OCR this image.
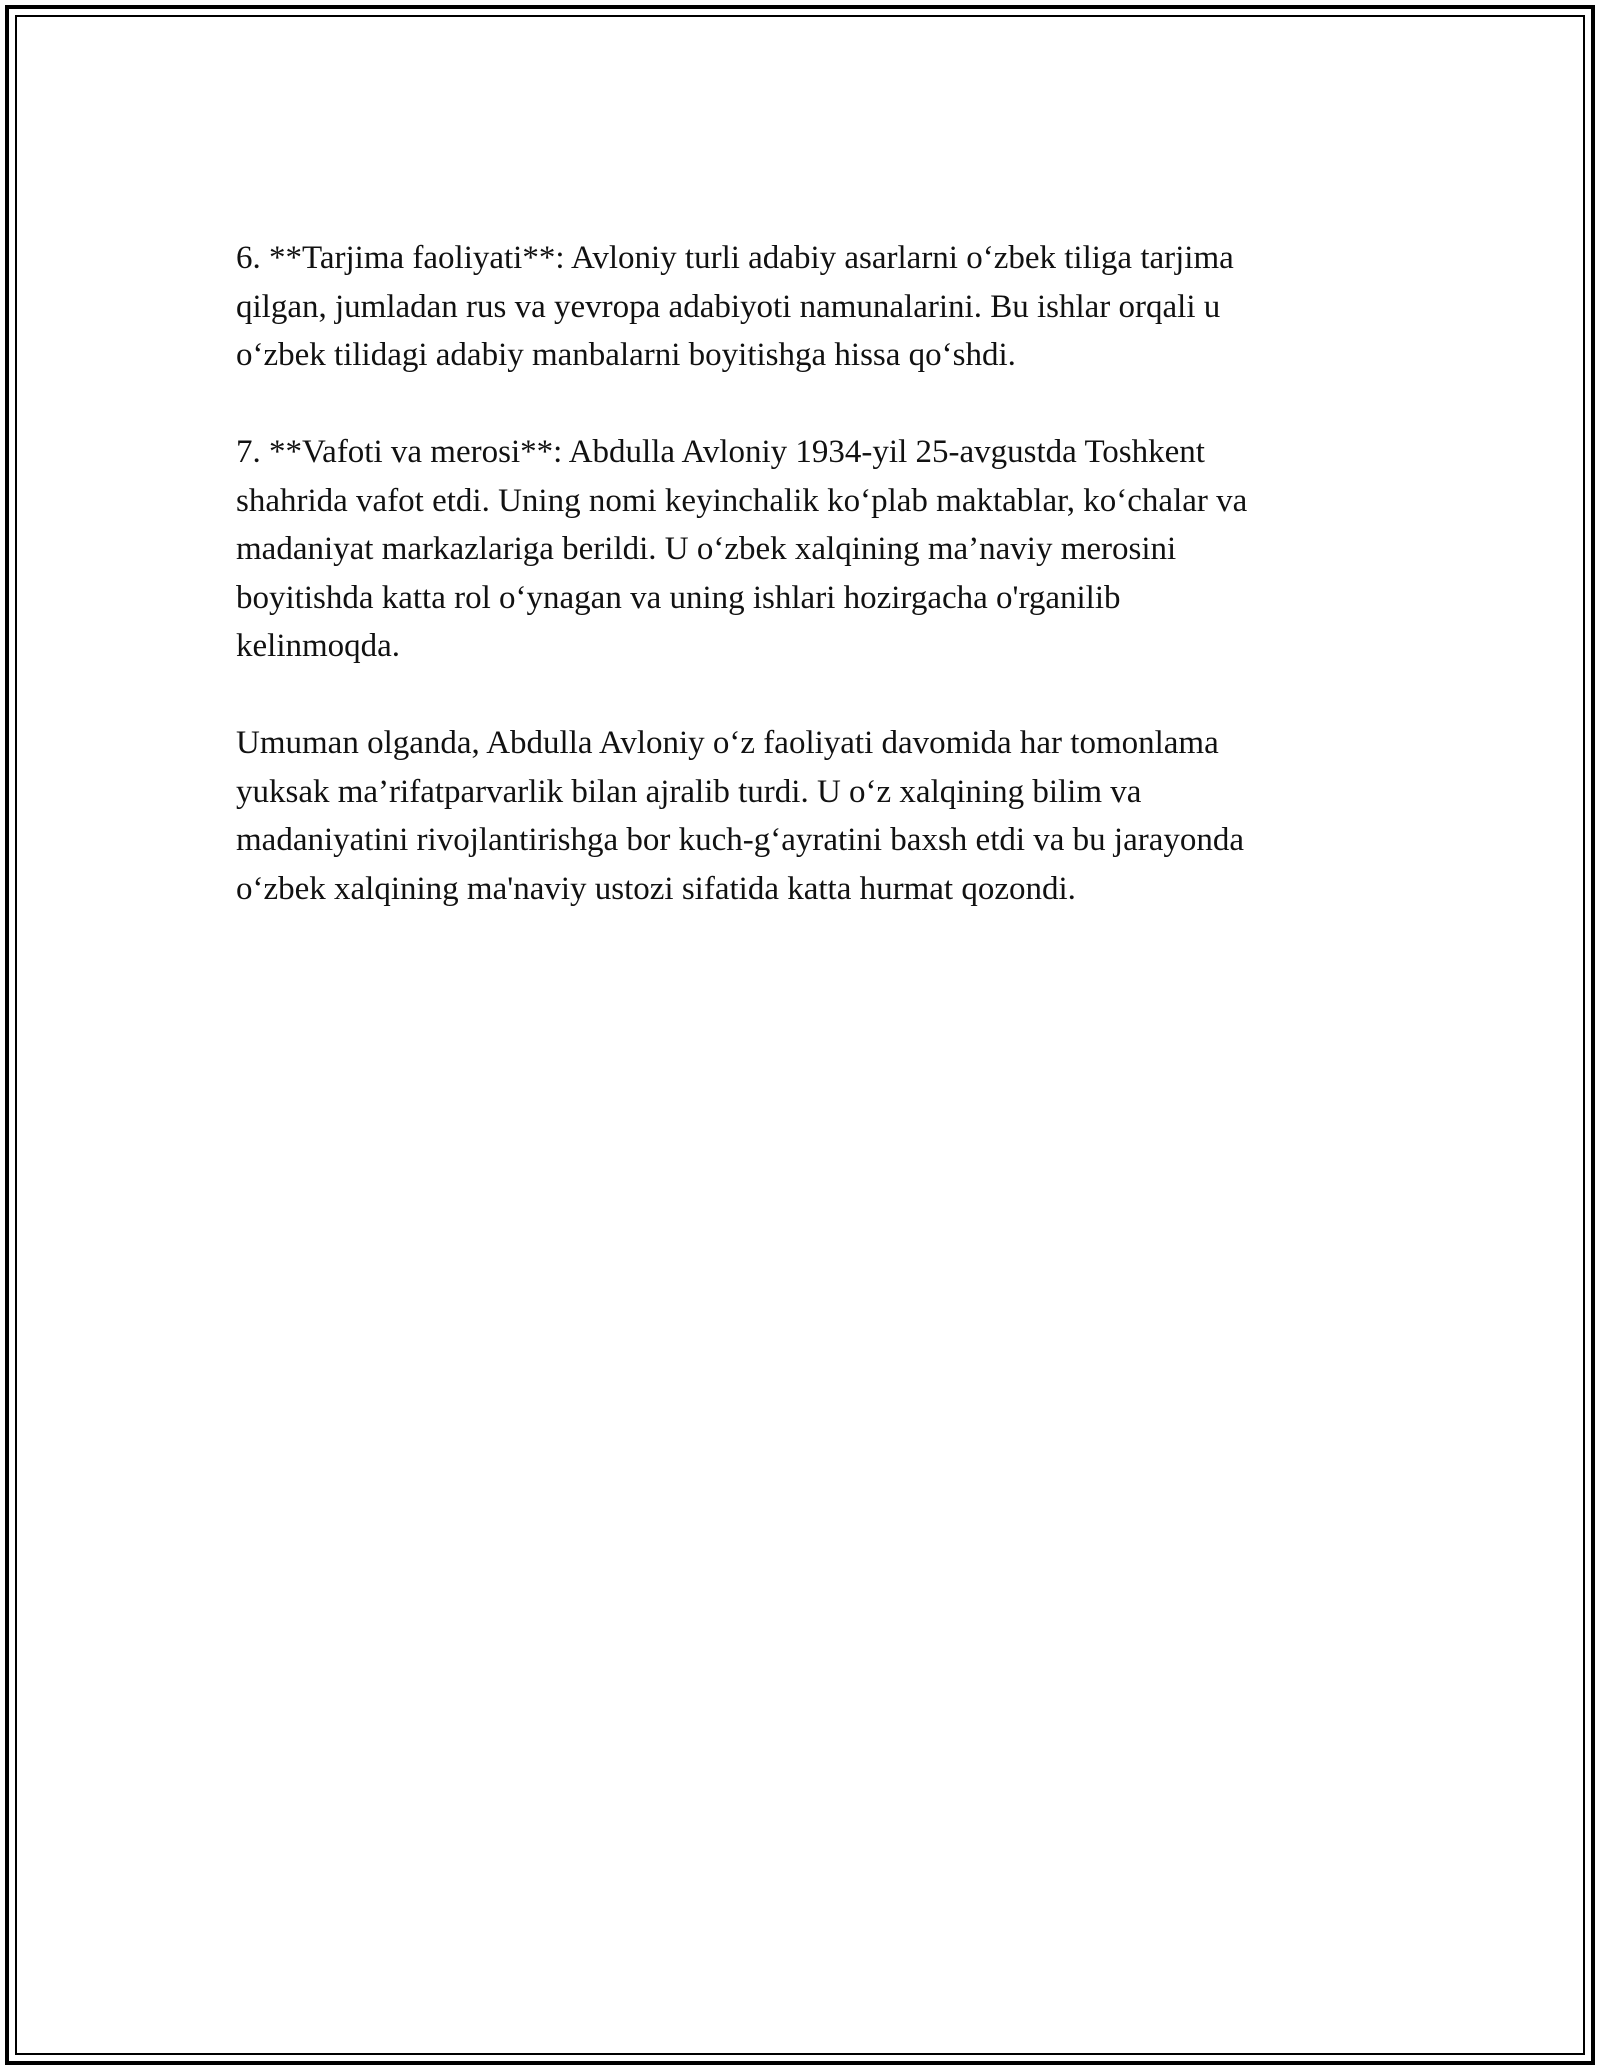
6. **Tarjima faoliyati**: Avloniy turli adabiy asarlarni o‘zbek tiliga tarjima
qilgan, jumladan rus va yevropa adabiyoti namunalarini. Bu ishlar orqali u
o‘zbek tilidagi adabiy manbalarni boyitishga hissa qo‘shdi.

7. **Vafoti va merosi**: Abdulla Avloniy 1934-yil 25-avgustda Toshkent
shahrida vafot etdi. Uning nomi keyinchalik ko‘plab maktablar, ko‘chalar va
madaniyat markazlariga berildi. U o‘zbek xalqining ma’naviy merosini
boyitishda katta rol o‘ynagan va uning ishlari hozirgacha o'rganilib
kelinmoqda.

Umuman olganda, Abdulla Avloniy o‘z faoliyati davomida har tomonlama
yuksak ma’rifatparvarlik bilan ajralib turdi. U o‘z xalqining bilim va
madaniyatini rivojlantirishga bor kuch-g‘ayratini baxsh etdi va bu jarayonda
o‘zbek xalqining ma'naviy ustozi sifatida katta hurmat qozondi.
